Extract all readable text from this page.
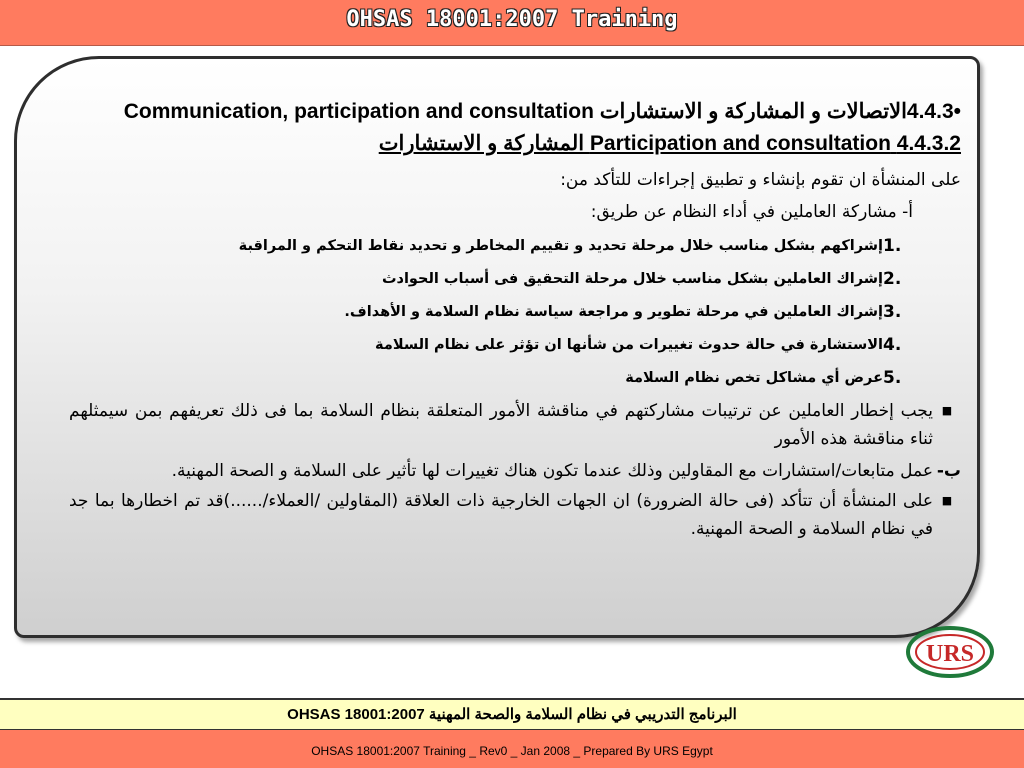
OHSAS 18001:2007 Training
•4.4.3الاتصالات و المشاركة و الاستشارات Communication, participation and consultation
4.4.3.2 Participation and consultation المشاركة و الاستشارات
على المنشأة ان تقوم بإنشاء و تطبيق إجراءات للتأكد من:
أ- مشاركة العاملين في أداء النظام عن طريق:
1.
إشراكهم بشكل مناسب خلال مرحلة تحديد و تقييم المخاطر و تحديد نقاط التحكم و المراقبة
2.
إشراك العاملين بشكل مناسب خلال مرحلة التحقيق فى أسباب الحوادث
3.
إشراك العاملين في مرحلة تطوير و مراجعة سياسة نظام السلامة و الأهداف.
4.
الاستشارة في حالة حدوث تغييرات من شأنها ان تؤثر على نظام السلامة
5.
عرض أي مشاكل تخص نظام السلامة
■
يجب إخطار العاملين عن ترتيبات مشاركتهم في مناقشة الأمور المتعلقة بنظام السلامة بما فى ذلك تعريفهم بمن سيمثلهم ثناء مناقشة هذه الأمور
ب-
عمل متابعات/استشارات مع المقاولين وذلك عندما تكون هناك تغييرات لها تأثير على السلامة و الصحة المهنية.
■
على المنشأة أن تتأكد (فى حالة الضرورة) ان الجهات الخارجية ذات العلاقة (المقاولين /العملاء/......)قد تم اخطارها بما جد في نظام السلامة و الصحة المهنية.
URS
البرنامج التدريبي في نظام السلامة والصحة المهنية OHSAS 18001:2007
OHSAS 18001:2007 Training _ Rev0 _ Jan 2008 _ Prepared By URS Egypt
